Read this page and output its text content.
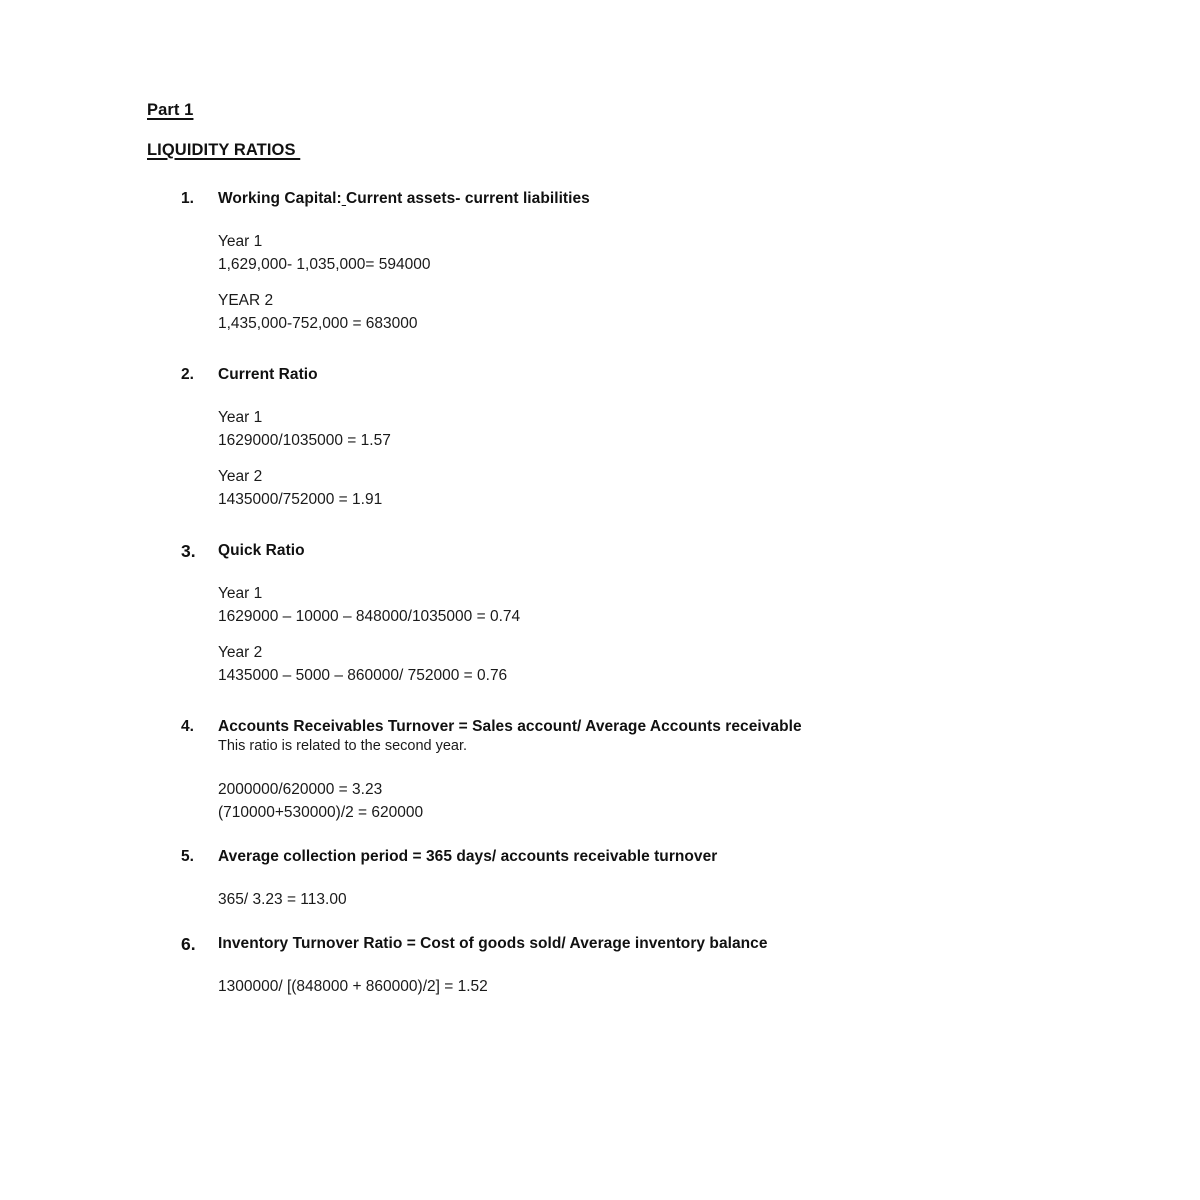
Part 1

LIQUIDITY RATIOS

1. Working Capital: Current assets- current liabilities

Year 1

1,629,000- 1,035,000= 594000

YEAR 2

1,435,000-752,000 = 683000

2. Current Ratio

Year 1

1629000/1035000 = 1.57

Year 2

1435000/752000 = 1.91

3. Quick Ratio

Year 1

1629000 – 10000 – 848000/1035000 = 0.74

Year 2

1435000 – 5000 – 860000/ 752000 = 0.76

4. Accounts Receivables Turnover = Sales account/ Average Accounts receivable

This ratio is related to the second year.

2000000/620000 = 3.23

(710000+530000)/2 = 620000

5. Average collection period = 365 days/ accounts receivable turnover

365/ 3.23 = 113.00

6. Inventory Turnover Ratio = Cost of goods sold/ Average inventory balance

1300000/ [(848000 + 860000)/2] = 1.52
